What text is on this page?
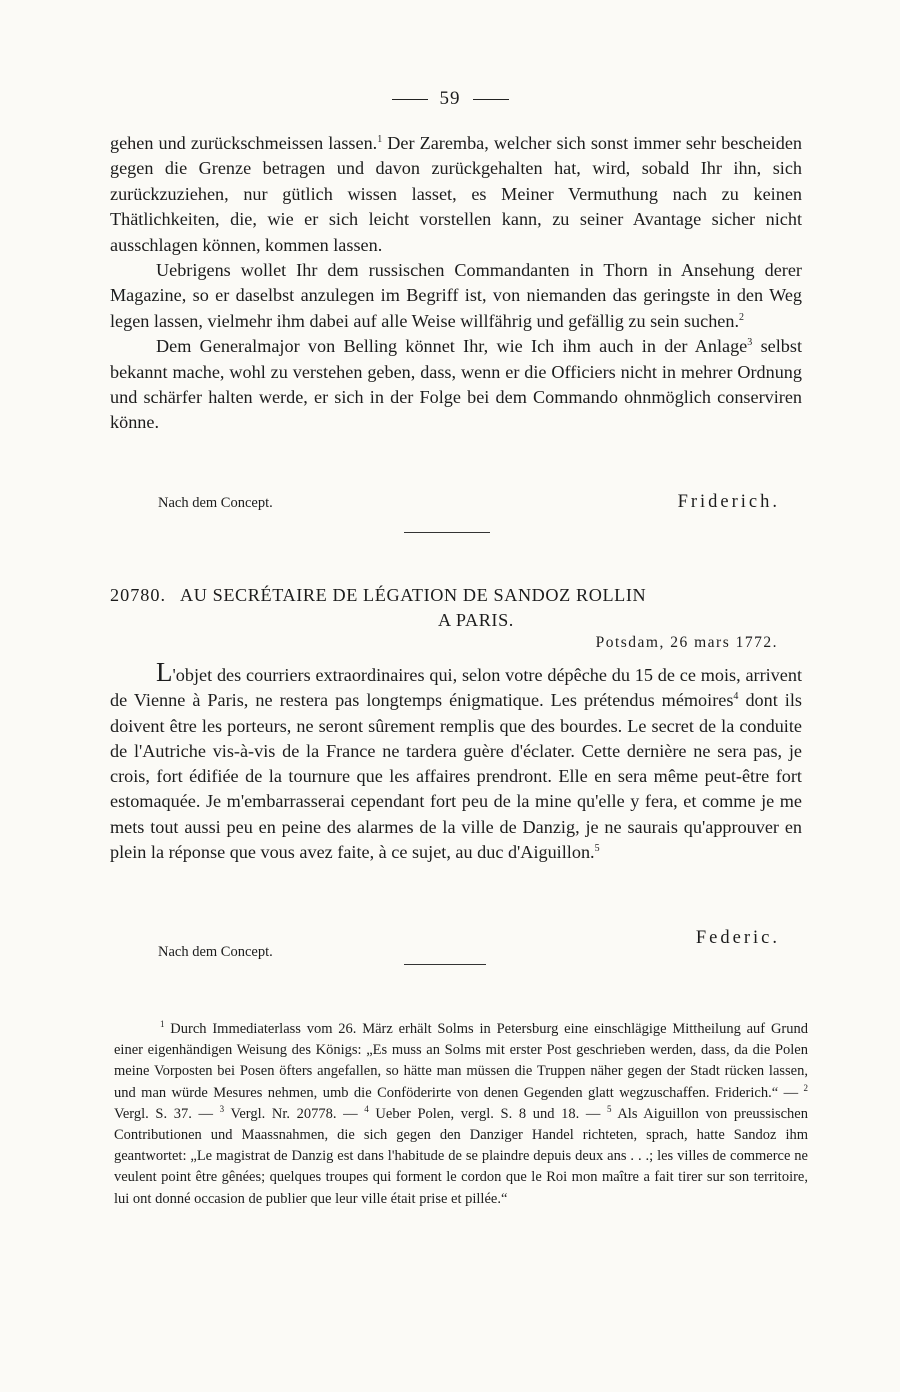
59

gehen und zurückschmeissen lassen.$^1$ Der Zaremba, welcher sich sonst immer sehr bescheiden gegen die Grenze betragen und davon zurückgehalten hat, wird, sobald Ihr ihn, sich zurückzuziehen, nur gütlich wissen lasset, es Meiner Vermuthung nach zu keinen Thätlichkeiten, die, wie er sich leicht vorstellen kann, zu seiner Avantage sicher nicht ausschlagen können, kommen lassen.

Uebrigens wollet Ihr dem russischen Commandanten in Thorn in Ansehung derer Magazine, so er daselbst anzulegen im Begriff ist, von niemanden das geringste in den Weg legen lassen, vielmehr ihm dabei auf alle Weise willfährig und gefällig zu sein suchen.$^2$

Dem Generalmajor von Belling könnet Ihr, wie Ich ihm auch in der Anlage$^3$ selbst bekannt mache, wohl zu verstehen geben, dass, wenn er die Officiers nicht in mehrer Ordnung und schärfer halten werde, er sich in der Folge bei dem Commando ohnmöglich conserviren könne.

Nach dem Concept.	Friderich.
20780. AU SECRÉTAIRE DE LÉGATION DE SANDOZ ROLLIN
A PARIS.
Potsdam, 26 mars 1772.

L'objet des courriers extraordinaires qui, selon votre dépêche du 15 de ce mois, arrivent de Vienne à Paris, ne restera pas longtemps énigmatique. Les prétendus mémoires$^4$ dont ils doivent être les porteurs, ne seront sûrement remplis que des bourdes. Le secret de la conduite de l'Autriche vis-à-vis de la France ne tardera guère d'éclater. Cette dernière ne sera pas, je crois, fort édifiée de la tournure que les affaires prendront. Elle en sera même peut-être fort estomaquée. Je m'embarrasserai cependant fort peu de la mine qu'elle y fera, et comme je me mets tout aussi peu en peine des alarmes de la ville de Danzig, je ne saurais qu'approuver en plein la réponse que vous avez faite, à ce sujet, au duc d'Aiguillon.$^5$

Federic.
Nach dem Concept.

$^1$ Durch Immediaterlass vom 26. März erhält Solms in Petersburg eine einschlägige Mittheilung auf Grund einer eigenhändigen Weisung des Königs: „Es muss an Solms mit erster Post geschrieben werden, dass, da die Polen meine Vorposten bei Posen öfters angefallen, so hätte man müssen die Truppen näher gegen der Stadt rücken lassen, und man würde Mesures nehmen, umb die Conföderirte von denen Gegenden glatt wegzuschaffen. Friderich.“ — $^2$ Vergl. S. 37. — $^3$ Vergl. Nr. 20778. — $^4$ Ueber Polen, vergl. S. 8 und 18. — $^5$ Als Aiguillon von preussischen Contributionen und Maassnahmen, die sich gegen den Danziger Handel richteten, sprach, hatte Sandoz ihm geantwortet: „Le magistrat de Danzig est dans l'habitude de se plaindre depuis deux ans . . .; les villes de commerce ne veulent point être gênées; quelques troupes qui forment le cordon que le Roi mon maître a fait tirer sur son territoire, lui ont donné occasion de publier que leur ville était prise et pillée.“
